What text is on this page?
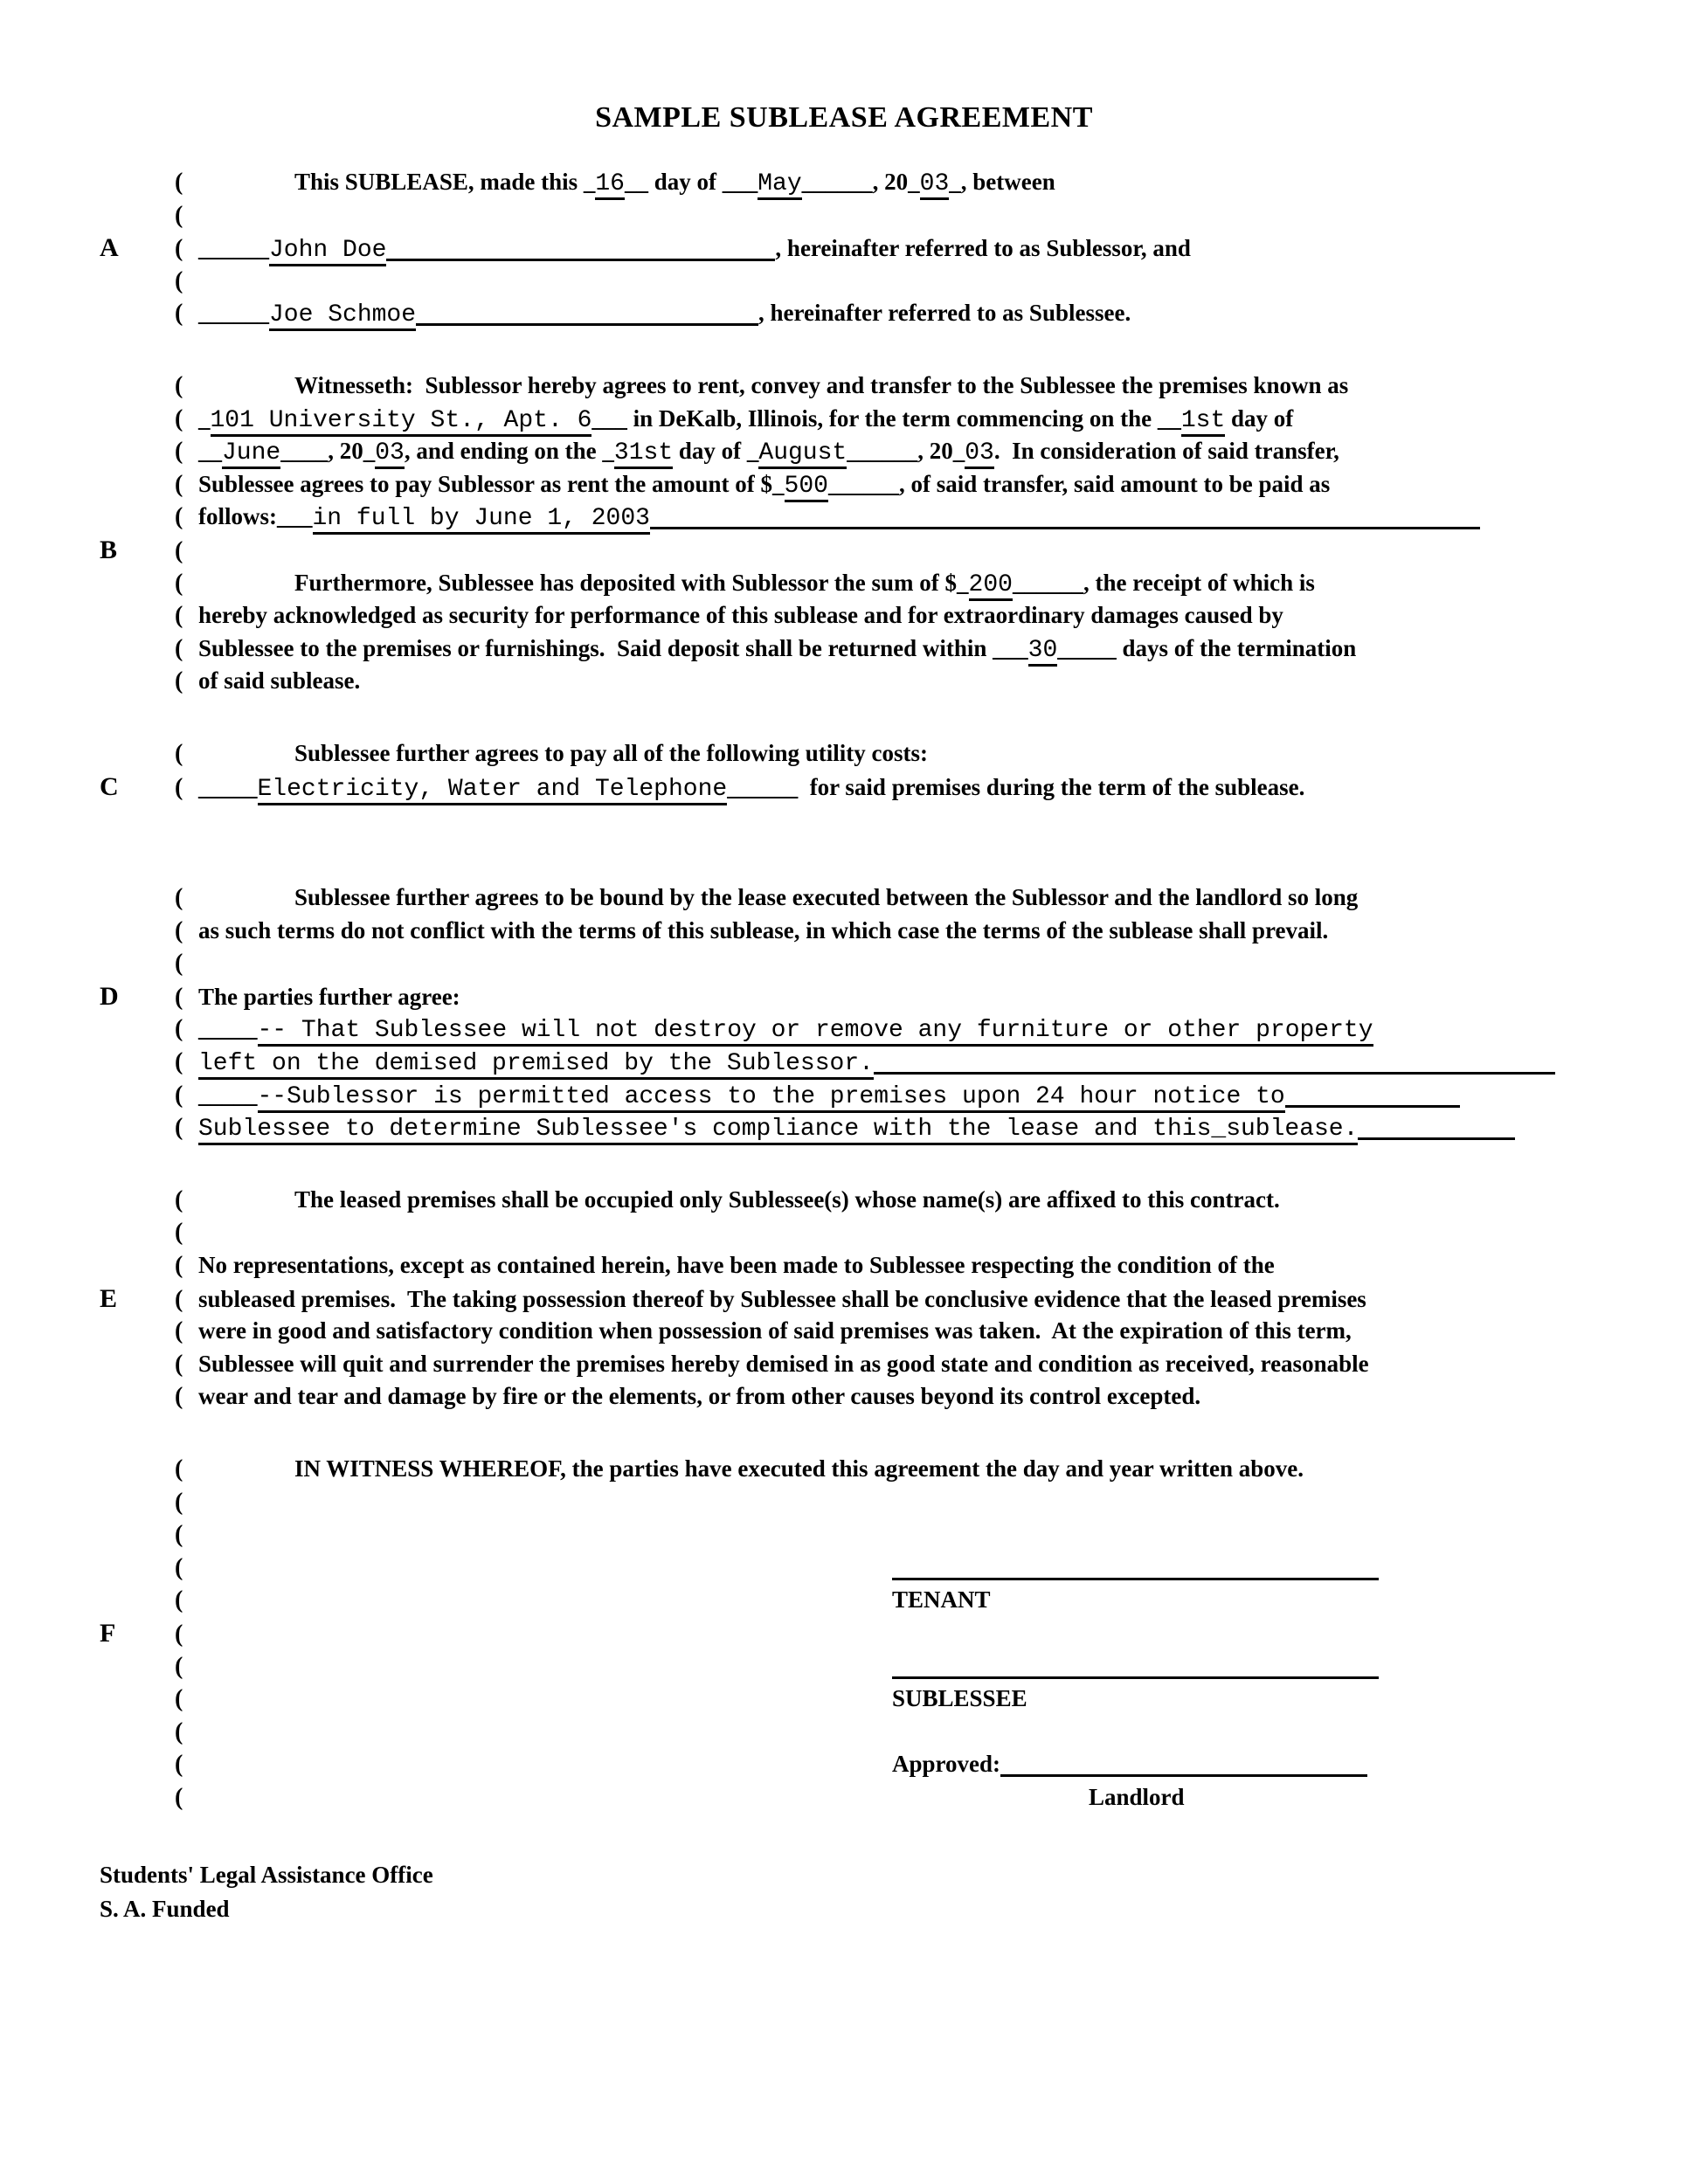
SAMPLE SUBLEASE AGREEMENT
(	This SUBLEASE, made this _16__ day of ___May______, 20_03_, between
(
A	( ______John Doe	, hereinafter referred to as Sublessor, and
(
( ______Joe Schmoe	, hereinafter referred to as Sublessee.
(	Witnesseth:  Sublessor hereby agrees to rent, convey and transfer to the Sublessee the premises known as
( _101 University St., Apt. 6___ in DeKalb, Illinois, for the term commencing on the __1st day of
( __June____, 20_03, and ending on the _31st day of _August______, 20_03.  In consideration of said transfer,
( Sublessee agrees to pay Sublessor as rent the amount of $_500______, of said transfer, said amount to be paid as
( follows:___in full by June 1, 2003
B	(
(	Furthermore, Sublessee has deposited with Sublessor the sum of $_200______, the receipt of which is
( hereby acknowledged as security for performance of this sublease and for extraordinary damages caused by
( Sublessee to the premises or furnishings.  Said deposit shall be returned within ___30_____ days of the termination
( of said sublease.
(	Sublessee further agrees to pay all of the following utility costs:
C	( _____Electricity, Water and Telephone______  for said premises during the term of the sublease.
(	Sublessee further agrees to be bound by the lease executed between the Sublessor and the landlord so long
( as such terms do not conflict with the terms of this sublease, in which case the terms of the sublease shall prevail.
(
D	( The parties further agree:
( _____-- That Sublessee will not destroy or remove any furniture or other property
( left on the demised premised by the Sublessor.
( _____--Sublessor is permitted access to the premises upon 24 hour notice to
( Sublessee to determine Sublessee's compliance with the lease and this_sublease.
(	The leased premises shall be occupied only Sublessee(s) whose name(s) are affixed to this contract.
(
( No representations, except as contained herein, have been made to Sublessee respecting the condition of the
E	( subleased premises.  The taking possession thereof by Sublessee shall be conclusive evidence that the leased premises
( were in good and satisfactory condition when possession of said premises was taken.  At the expiration of this term,
( Sublessee will quit and surrender the premises hereby demised in as good state and condition as received, reasonable
( wear and tear and damage by fire or the elements, or from other causes beyond its control excepted.
(	IN WITNESS WHEREOF, the parties have executed this agreement the day and year written above.
(
(
(
(	TENANT
F	(
(
(	SUBLESSEE
(
(	Approved:
(	Landlord
Students' Legal Assistance Office
S. A. Funded
